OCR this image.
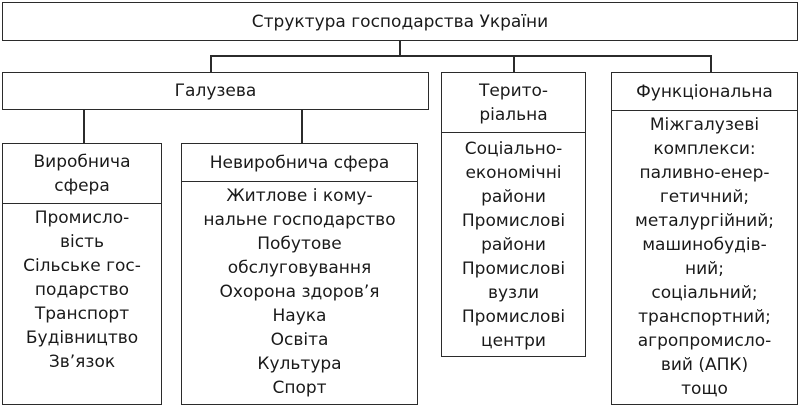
Структура господарства України
Галузева
Виробнича
сфера
Промисло-
вість
Сільське гос-
подарство
Транспорт
Будівництво
Зв’язок
Невиробнича сфера
Житлове і кому-
нальне господарство
Побутове
обслуговування
Охорона здоров’я
Наука
Освіта
Культура
Спорт
Терито-
ріальна
Соціально-
економічні
райони
Промислові
райони
Промислові
вузли
Промислові
центри
Функціональна
Міжгалузеві
комплекси:
паливно-енер-
гетичний;
металургійний;
машинобудів-
ний;
соціальний;
транспортний;
агропромисло-
вий (АПК)
тощо
